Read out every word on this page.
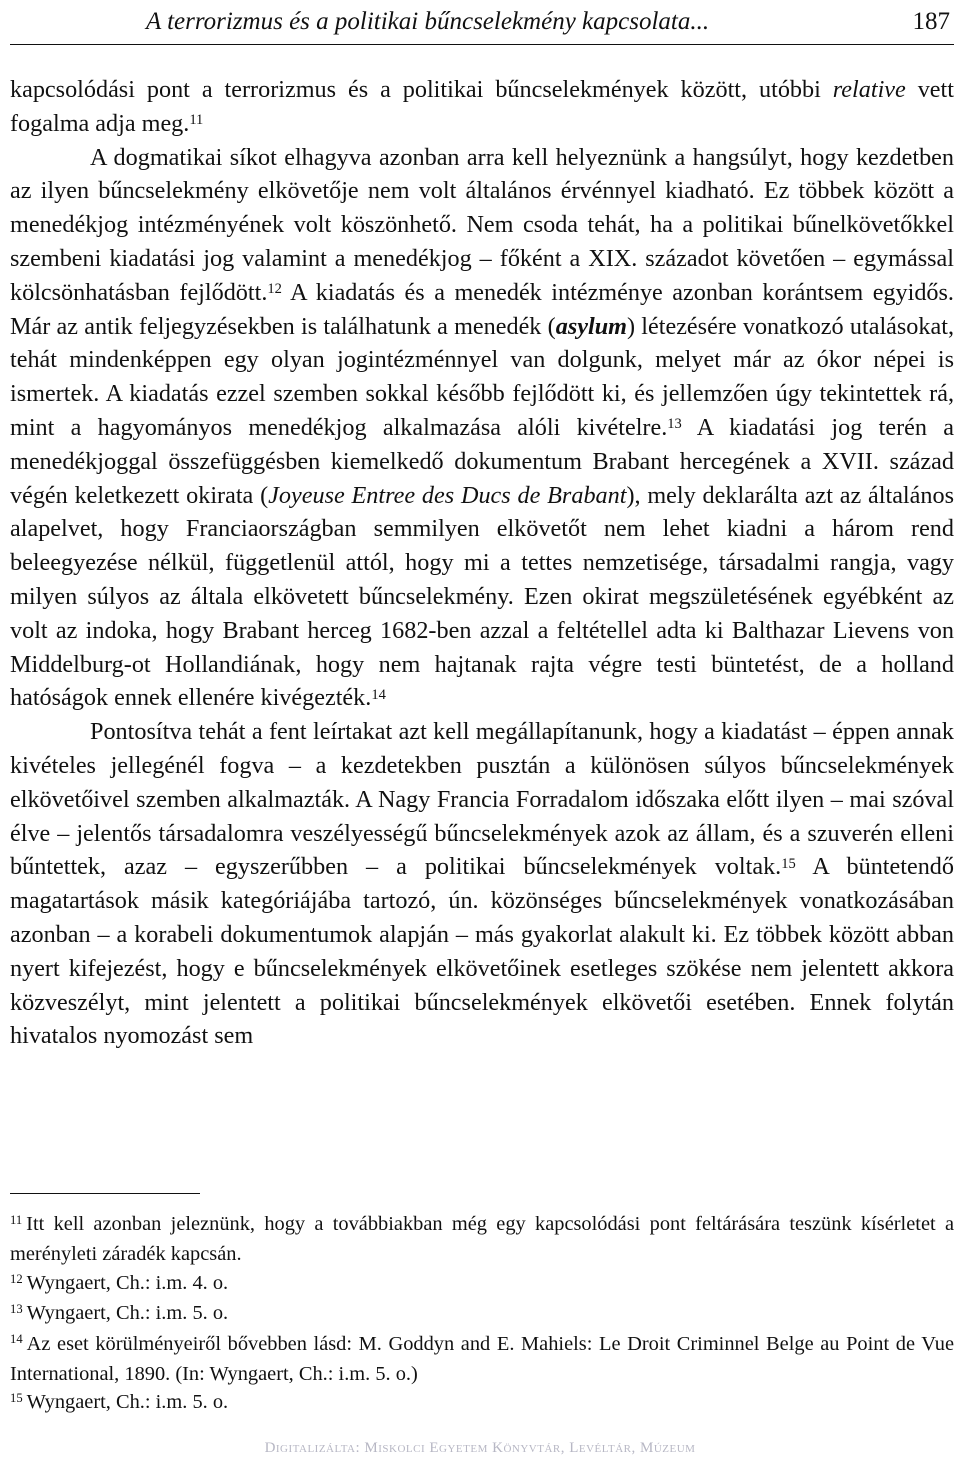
A terrorizmus és a politikai bűncselekmény kapcsolata...	187

kapcsolódási pont a terrorizmus és a politikai bűncselekmények között, utóbbi relative vett fogalma adja meg.$^{11}$

A dogmatikai síkot elhagyva azonban arra kell helyeznünk a hangsúlyt, hogy kezdetben az ilyen bűncselekmény elkövetője nem volt általános érvénnyel kiadható. Ez többek között a menedékjog intézményének volt köszönhető. Nem csoda tehát, ha a politikai bűnelkövetőkkel szembeni kiadatási jog valamint a menedékjog – főként a XIX. századot követően – egymással kölcsönhatásban fejlődött.$^{12}$ A kiadatás és a menedék intézménye azonban korántsem egyidős. Már az antik feljegyzésekben is találhatunk a menedék (asylum) létezésére vonatkozó utalásokat, tehát mindenképpen egy olyan jogintézménnyel van dolgunk, melyet már az ókor népei is ismertek. A kiadatás ezzel szemben sokkal később fejlődött ki, és jellemzően úgy tekintettek rá, mint a hagyományos menedékjog alkalmazása alóli kivételre.$^{13}$ A kiadatási jog terén a menedékjoggal összefüggésben kiemelkedő dokumentum Brabant hercegének a XVII. század végén keletkezett okirata (Joyeuse Entree des Ducs de Brabant), mely deklarálta azt az általános alapelvet, hogy Franciaországban semmilyen elkövetőt nem lehet kiadni a három rend beleegyezése nélkül, függetlenül attól, hogy mi a tettes nemzetisége, társadalmi rangja, vagy milyen súlyos az általa elkövetett bűncselekmény. Ezen okirat megszületésének egyébként az volt az indoka, hogy Brabant herceg 1682-ben azzal a feltétellel adta ki Balthazar Lievens von Middelburg-ot Hollandiának, hogy nem hajtanak rajta végre testi büntetést, de a holland hatóságok ennek ellenére kivégezték.$^{14}$

Pontosítva tehát a fent leírtakat azt kell megállapítanunk, hogy a kiadatást – éppen annak kivételes jellegénél fogva – a kezdetekben pusztán a különösen súlyos bűncselekmények elkövetőivel szemben alkalmazták. A Nagy Francia Forradalom időszaka előtt ilyen – mai szóval élve – jelentős társadalomra veszélyességű bűncselekmények azok az állam, és a szuverén elleni bűntettek, azaz – egyszerűbben – a politikai bűncselekmények voltak.$^{15}$ A büntetendő magatartások másik kategóriájába tartozó, ún. közönséges bűncselekmények vonatkozásában azonban – a korabeli dokumentumok alapján – más gyakorlat alakult ki. Ez többek között abban nyert kifejezést, hogy e bűncselekmények elkövetőinek esetleges szökése nem jelentett akkora közveszélyt, mint jelentett a politikai bűncselekmények elkövetői esetében. Ennek folytán hivatalos nyomozást sem

$^{11}$ Itt kell azonban jeleznünk, hogy a továbbiakban még egy kapcsolódási pont feltárására teszünk kísérletet a merényleti záradék kapcsán.

$^{12}$ Wyngaert, Ch.: i.m. 4. o.

$^{13}$ Wyngaert, Ch.: i.m. 5. o.

$^{14}$ Az eset körülményeiről bővebben lásd: M. Goddyn and E. Mahiels: Le Droit Criminnel Belge au Point de Vue International, 1890. (In: Wyngaert, Ch.: i.m. 5. o.)

$^{15}$ Wyngaert, Ch.: i.m. 5. o.

Digitalizálta: Miskolci Egyetem Könyvtár, Levéltár, Múzeum
